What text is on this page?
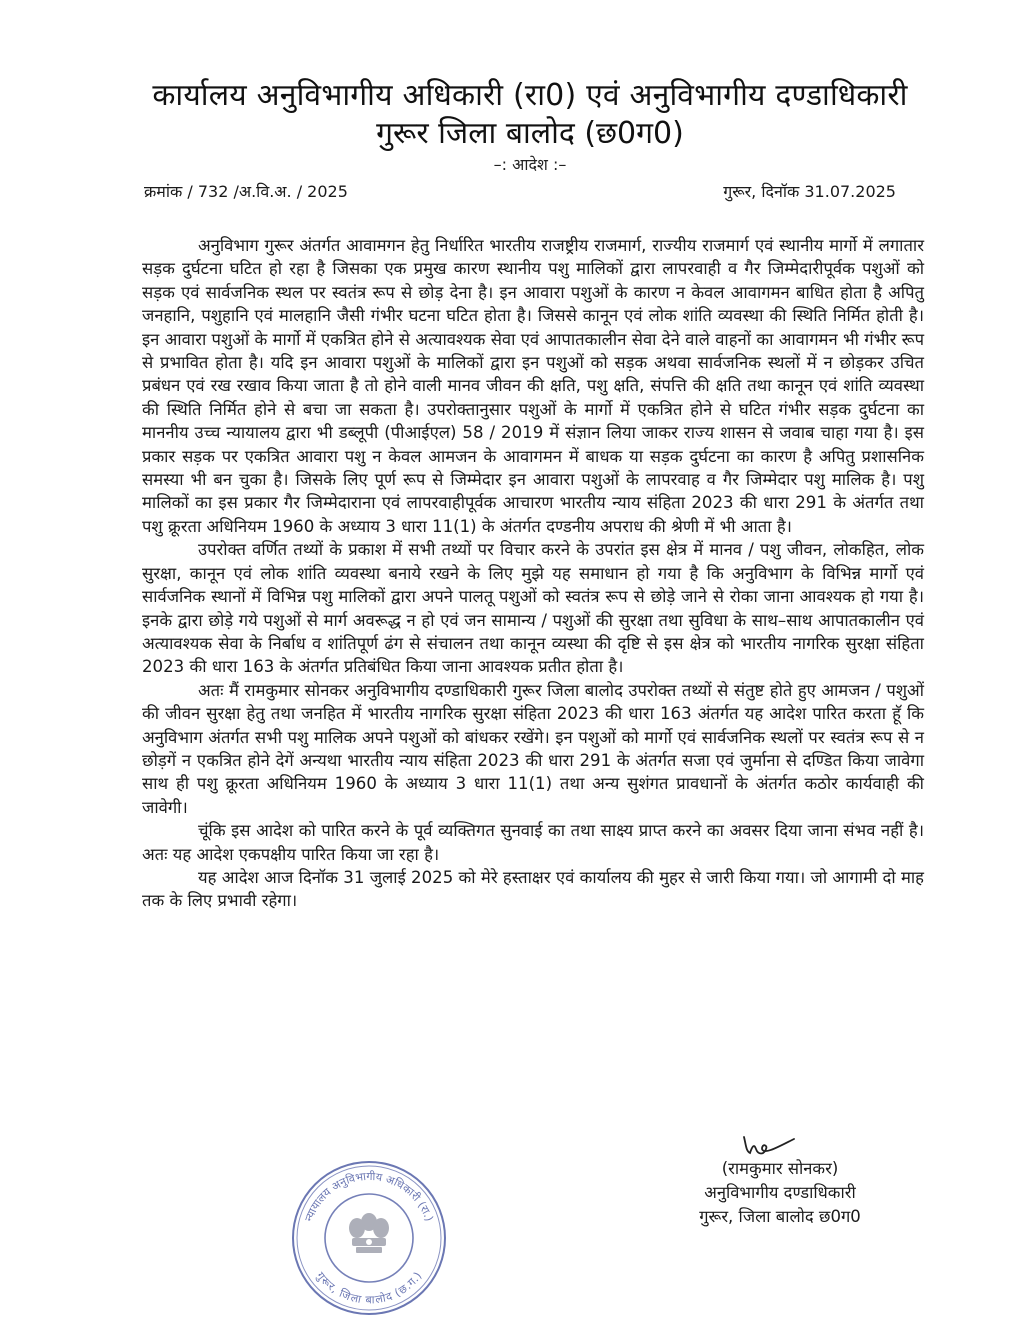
कार्यालय अनुविभागीय अधिकारी (रा0) एवं अनुविभागीय दण्डाधिकारी
गुरूर जिला बालोद (छ0ग0)
–: आदेश :–
क्रमांक / 732 /अ.वि.अ. / 2025	गुरूर, दिनॉक 31.07.2025

अनुविभाग गुरूर अंतर्गत आवामगन हेतु निर्धारित भारतीय राजष्ट्रीय राजमार्ग, राज्यीय राजमार्ग एवं स्थानीय मार्गो में लगातार सड़क दुर्घटना घटित हो रहा है जिसका एक प्रमुख कारण स्थानीय पशु मालिकों द्वारा लापरवाही व गैर जिम्मेदारीपूर्वक पशुओं को सड़क एवं सार्वजनिक स्थल पर स्वतंत्र रूप से छोड़ देना है। इन आवारा पशुओं के कारण न केवल आवागमन बाधित होता है अपितु जनहानि, पशुहानि एवं मालहानि जैसी गंभीर घटना घटित होता है। जिससे कानून एवं लोक शांति व्यवस्था की स्थिति निर्मित होती है। इन आवारा पशुओं के मार्गो में एकत्रित होने से अत्यावश्यक सेवा एवं आपातकालीन सेवा देने वाले वाहनों का आवागमन भी गंभीर रूप से प्रभावित होता है। यदि इन आवारा पशुओं के मालिकों द्वारा इन पशुओं को सड़क अथवा सार्वजनिक स्थलों में न छोड़कर उचित प्रबंधन एवं रख रखाव किया जाता है तो होने वाली मानव जीवन की क्षति, पशु क्षति, संपत्ति की क्षति तथा कानून एवं शांति व्यवस्था की स्थिति निर्मित होने से बचा जा सकता है। उपरोक्तानुसार पशुओं के मार्गो में एकत्रित होने से घटित गंभीर सड़क दुर्घटना का माननीय उच्च न्यायालय द्वारा भी डब्लूपी (पीआईएल) 58 / 2019 में संज्ञान लिया जाकर राज्य शासन से जवाब चाहा गया है। इस प्रकार सड़क पर एकत्रित आवारा पशु न केवल आमजन के आवागमन में बाधक या सड़क दुर्घटना का कारण है अपितु प्रशासनिक समस्या भी बन चुका है। जिसके लिए पूर्ण रूप से जिम्मेदार इन आवारा पशुओं के लापरवाह व गैर जिम्मेदार पशु मालिक है। पशु मालिकों का इस प्रकार गैर जिम्मेदाराना एवं लापरवाहीपूर्वक आचारण भारतीय न्याय संहिता 2023 की धारा 291 के अंतर्गत तथा पशु क्रूरता अधिनियम 1960 के अध्याय 3 धारा 11(1) के अंतर्गत दण्डनीय अपराध की श्रेणी में भी आता है।

उपरोक्त वर्णित तथ्यों के प्रकाश में सभी तथ्यों पर विचार करने के उपरांत इस क्षेत्र में मानव / पशु जीवन, लोकहित, लोक सुरक्षा, कानून एवं लोक शांति व्यवस्था बनाये रखने के लिए मुझे यह समाधान हो गया है कि अनुविभाग के विभिन्न मार्गो एवं सार्वजनिक स्थानों में विभिन्न पशु मालिकों द्वारा अपने पालतू पशुओं को स्वतंत्र रूप से छोड़े जाने से रोका जाना आवश्यक हो गया है। इनके द्वारा छोड़े गये पशुओं से मार्ग अवरूद्ध न हो एवं जन सामान्य / पशुओं की सुरक्षा तथा सुविधा के साथ–साथ आपातकालीन एवं अत्यावश्यक सेवा के निर्बाध व शांतिपूर्ण ढंग से संचालन तथा कानून व्यस्था की दृष्टि से इस क्षेत्र को भारतीय नागरिक सुरक्षा संहिता 2023 की धारा 163 के अंतर्गत प्रतिबंधित किया जाना आवश्यक प्रतीत होता है।

अतः मैं रामकुमार सोनकर अनुविभागीय दण्डाधिकारी गुरूर जिला बालोद उपरोक्त तथ्यों से संतुष्ट होते हुए आमजन / पशुओं की जीवन सुरक्षा हेतु तथा जनहित में भारतीय नागरिक सुरक्षा संहिता 2023 की धारा 163 अंतर्गत यह आदेश पारित करता हूॅ कि अनुविभाग अंतर्गत सभी पशु मालिक अपने पशुओं को बांधकर रखेंगे। इन पशुओं को मार्गो एवं सार्वजनिक स्थलों पर स्वतंत्र रूप से न छोड़गें न एकत्रित होने देगें अन्यथा भारतीय न्याय संहिता 2023 की धारा 291 के अंतर्गत सजा एवं जुर्माना से दण्डित किया जावेगा साथ ही पशु क्रूरता अधिनियम 1960 के अध्याय 3 धारा 11(1) तथा अन्य सुशंगत प्रावधानों के अंतर्गत कठोर कार्यवाही की जावेगी।

चूंकि इस आदेश को पारित करने के पूर्व व्यक्तिगत सुनवाई का तथा साक्ष्य प्राप्त करने का अवसर दिया जाना संभव नहीं है। अतः यह आदेश एकपक्षीय पारित किया जा रहा है।

यह आदेश आज दिनॉक 31 जुलाई 2025 को मेरे हस्ताक्षर एवं कार्यालय की मुहर से जारी किया गया। जो आगामी दो माह तक के लिए प्रभावी रहेगा।

(रामकुमार सोनकर)
अनुविभागीय दण्डाधिकारी
गुरूर, जिला बालोद छ0ग0
न्यायालय अनुविभागीय अधिकारी (रा.)
गुरूर, जिला बालोद (छ.ग.)
